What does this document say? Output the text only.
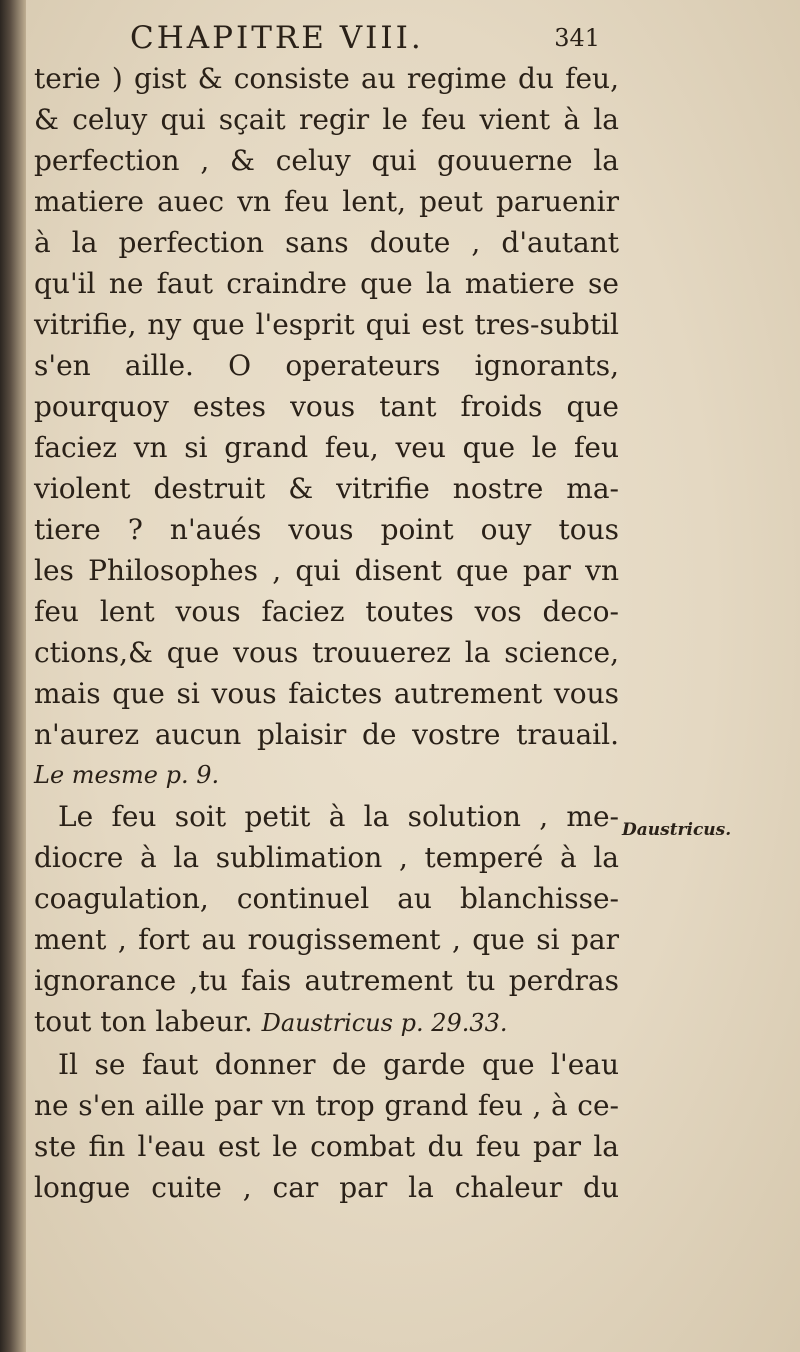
CHAPITRE VIII.	341
terie ) gist & consiste au regime du feu,
& celuy qui sçait regir le feu vient à la
perfection , & celuy qui gouuerne la
matiere auec vn feu lent, peut paruenir
à la perfection sans doute , d'autant
qu'il ne faut craindre que la matiere se
vitrifie, ny que l'esprit qui est tres-subtil
s'en aille. O operateurs ignorants,
pourquoy estes vous tant froids que
faciez vn si grand feu, veu que le feu
violent destruit & vitrifie nostre ma-
tiere ? n'aués vous point ouy tous
les Philosophes , qui disent que par vn
feu lent vous faciez toutes vos deco-
ctions,& que vous trouuerez la science,
mais que si vous faictes autrement vous
n'aurez aucun plaisir de vostre trauail.
Le mesme p. 9.
Le feu soit petit à la solution , me-
diocre à la sublimation , temperé à la
coagulation, continuel au blanchisse-
ment , fort au rougissement , que si par
ignorance ,tu fais autrement tu perdras
tout ton labeur. Daustricus p. 29.33.
Il se faut donner de garde que l'eau
ne s'en aille par vn trop grand feu , à ce-
ste fin l'eau est le combat du feu par la
longue cuite , car par la chaleur du
Daustricus.
